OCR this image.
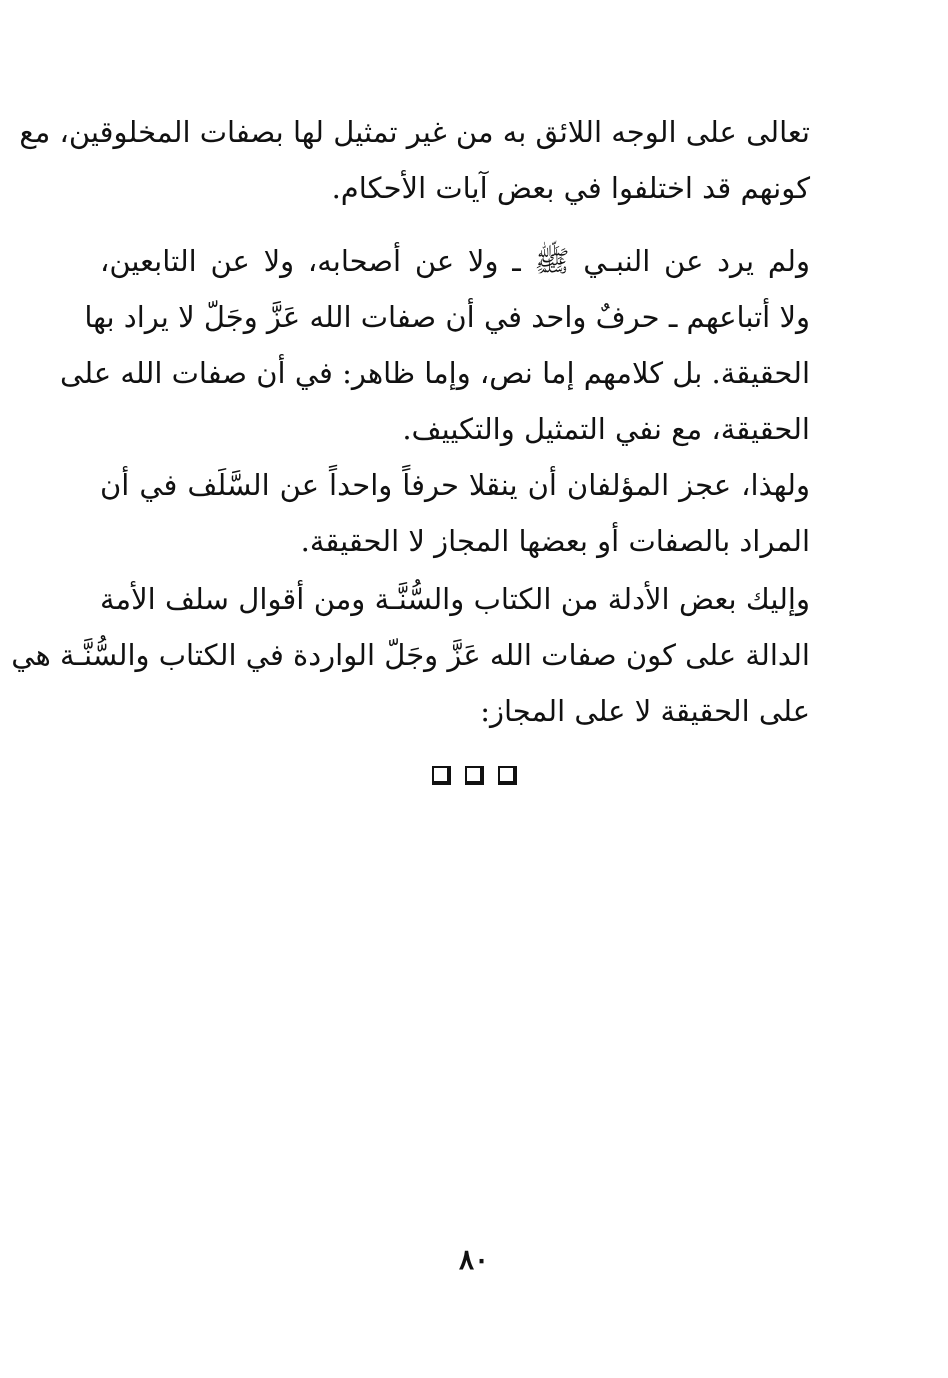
تعالى على الوجه اللائق به من غير تمثيل لها بصفات المخلوقين، مع
كونهم قد اختلفوا في بعض آيات الأحكام.
ولم يرد عن النبـي ﷺ ـ ولا عن أصحابه، ولا عن التابعين،
ولا أتباعهم ـ حرفٌ واحد في أن صفات الله عَزَّ وجَلّ لا يراد بها
الحقيقة. بل كلامهم إما نص، وإما ظاهر: في أن صفات الله على
الحقيقة، مع نفي التمثيل والتكييف.
ولهذا، عجز المؤلفان أن ينقلا حرفاً واحداً عن السَّلَف في أن
المراد بالصفات أو بعضها المجاز لا الحقيقة.
وإليك بعض الأدلة من الكتاب والسُّنَّـة ومن أقوال سلف الأمة
الدالة على كون صفات الله عَزَّ وجَلّ الواردة في الكتاب والسُّنَّـة هي
على الحقيقة لا على المجاز:
٨٠
